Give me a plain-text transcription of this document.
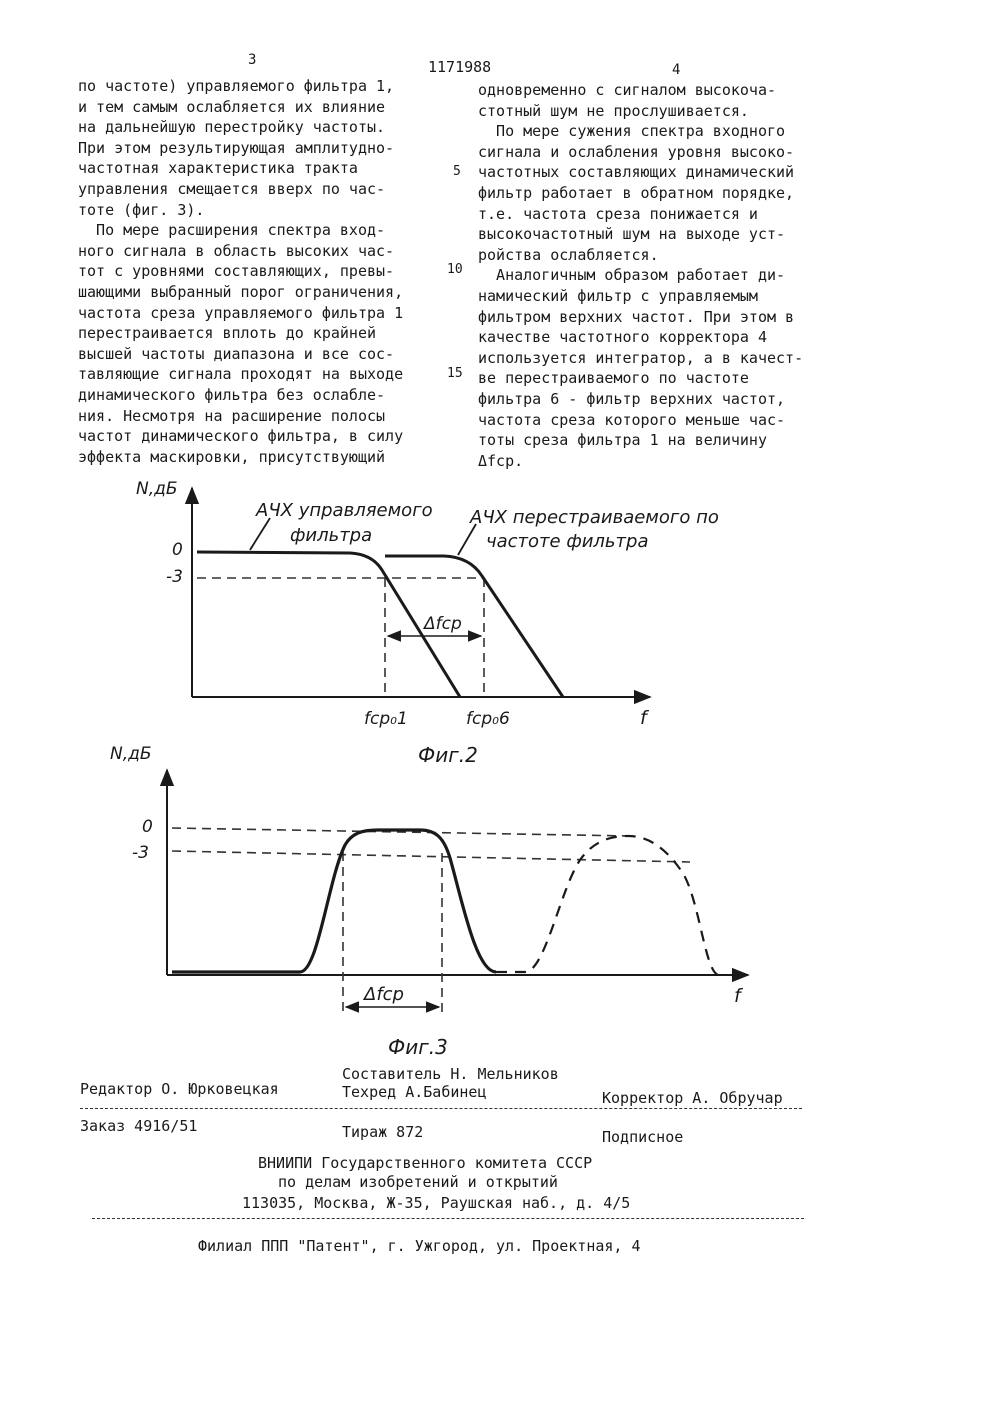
3	1171988	4
по частоте) управляемого фильтра 1,
и тем самым ослабляется их влияние
на дальнейшую перестройку частоты.
При этом результирующая амплитудно-
частотная характеристика тракта
управления смещается вверх по час-
тоте (фиг. 3).
По мере расширения спектра вход-
ного сигнала в область высоких час-
тот с уровнями составляющих, превы-
шающими выбранный порог ограничения,
частота среза управляемого фильтра 1
перестраивается вплоть до крайней
высшей частоты диапазона и все сос-
тавляющие сигнала проходят на выходе
динамического фильтра без ослабле-
ния. Несмотря на расширение полосы
частот динамического фильтра, в силу
эффекта маскировки, присутствующий
одновременно с сигналом высокоча-
стотный шум не прослушивается.
По мере сужения спектра входного
сигнала и ослабления уровня высоко-
частотных составляющих динамический
фильтр работает в обратном порядке,
т.е. частота среза понижается и
высокочастотный шум на выходе уст-
ройства ослабляется.
Аналогичным образом работает ди-
намический фильтр с управляемым
фильтром верхних частот. При этом в
качестве частотного корректора 4
используется интегратор, а в качест-
ве перестраиваемого по частоте
фильтра 6 - фильтр верхних частот,
частота среза которого меньше час-
тоты среза фильтра 1 на величину
Δfср.
5
10
15
N,дБ
f
0
-3
Δfср
АЧХ управляемого
фильтра
АЧХ перестраиваемого по
частоте фильтра
fср₀1	fср₀6
Фиг.2
N,дБ
f
0
-3
Δfср
Фиг.3
Составитель Н. Мельников
Редактор О. Юрковецкая	Техред А.Бабинец	Корректор А. Обручар
Заказ 4916/51	Тираж 872	Подписное
ВНИИПИ Государственного комитета СССР
по делам изобретений и открытий
113035, Москва, Ж-35, Раушская наб., д. 4/5
Филиал ППП "Патент", г. Ужгород, ул. Проектная, 4
